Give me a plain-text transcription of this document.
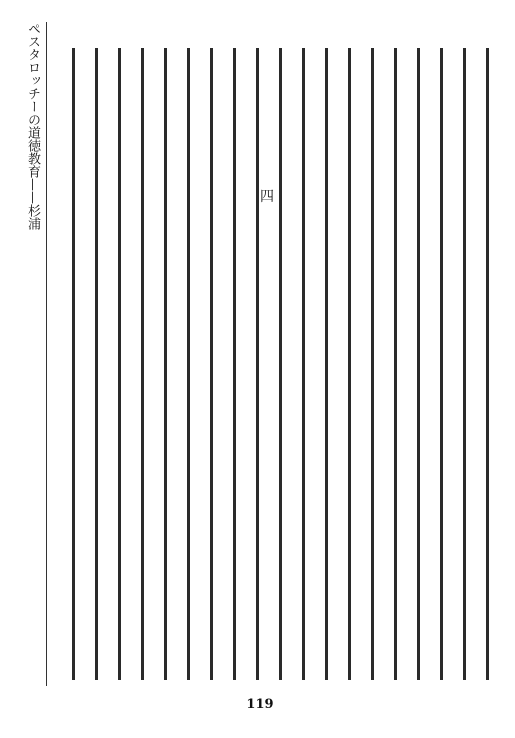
ペスタロッチーの道徳教育——杉浦	四
119
